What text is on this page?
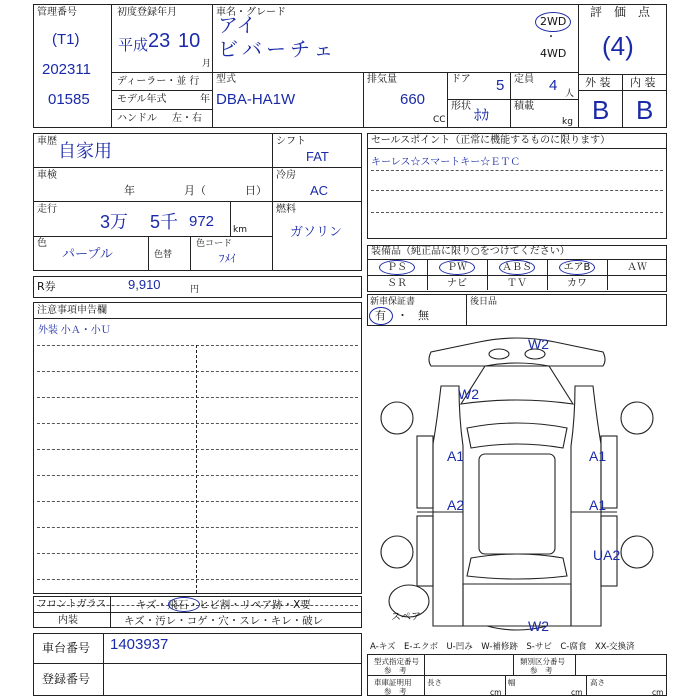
管理番号
(T1)
202311
01585
初度登録年月
平成 23 10
月
車名・グレード
アイ
ビバーチェ
2WD
・
4WD
評　価　点
(4)
ディーラー・並 行
モデル年式	年
ハンドル 左・右
型式
DBA-HA1W
排気量
660
CC
ドア 5 定員 4 人
形状
ﾎｶ
積載
kg
外 装 内 装
B B
車歴 自家用	シフト
FAT
車検
年	月（	日）
冷房
AC
走行
3万 5千 972 km
燃料
ガソリン
色
パープル	色替
色コード
ﾌﾒｲ
セールスポイント（正常に機能するものに限ります）
キーレス☆スマートキー☆ＥＴＣ
装備品（純正品に限り○をつけてください）
ＰＳ	ＰＷ	ＡＢＳ	エアB	ＡＷ
ＳＲ	ナビ	ＴＶ	カワ
R券	9,910	円
新車保証書
有 ・ 無
後日品
注意事項申告欄
外装 小Ａ・小Ｕ
フロントガラス	キズ・飛石・ヒビ割・リペア跡・X要
内装	キズ・汚レ・コゲ・穴・スレ・キレ・破レ
車台番号 1403937
登録番号
A-キズ　E-エクボ　U-凹み　W-補修跡　S-サビ　C-腐食　XX-交換済
型式指定番号
参　考
類別区分番号
参　考
車庫証明用
参　考
長さ
cm
幅
cm
高さ
cm
スペア
W2
W2
A1	A1
A2	A1
UA2
W2
